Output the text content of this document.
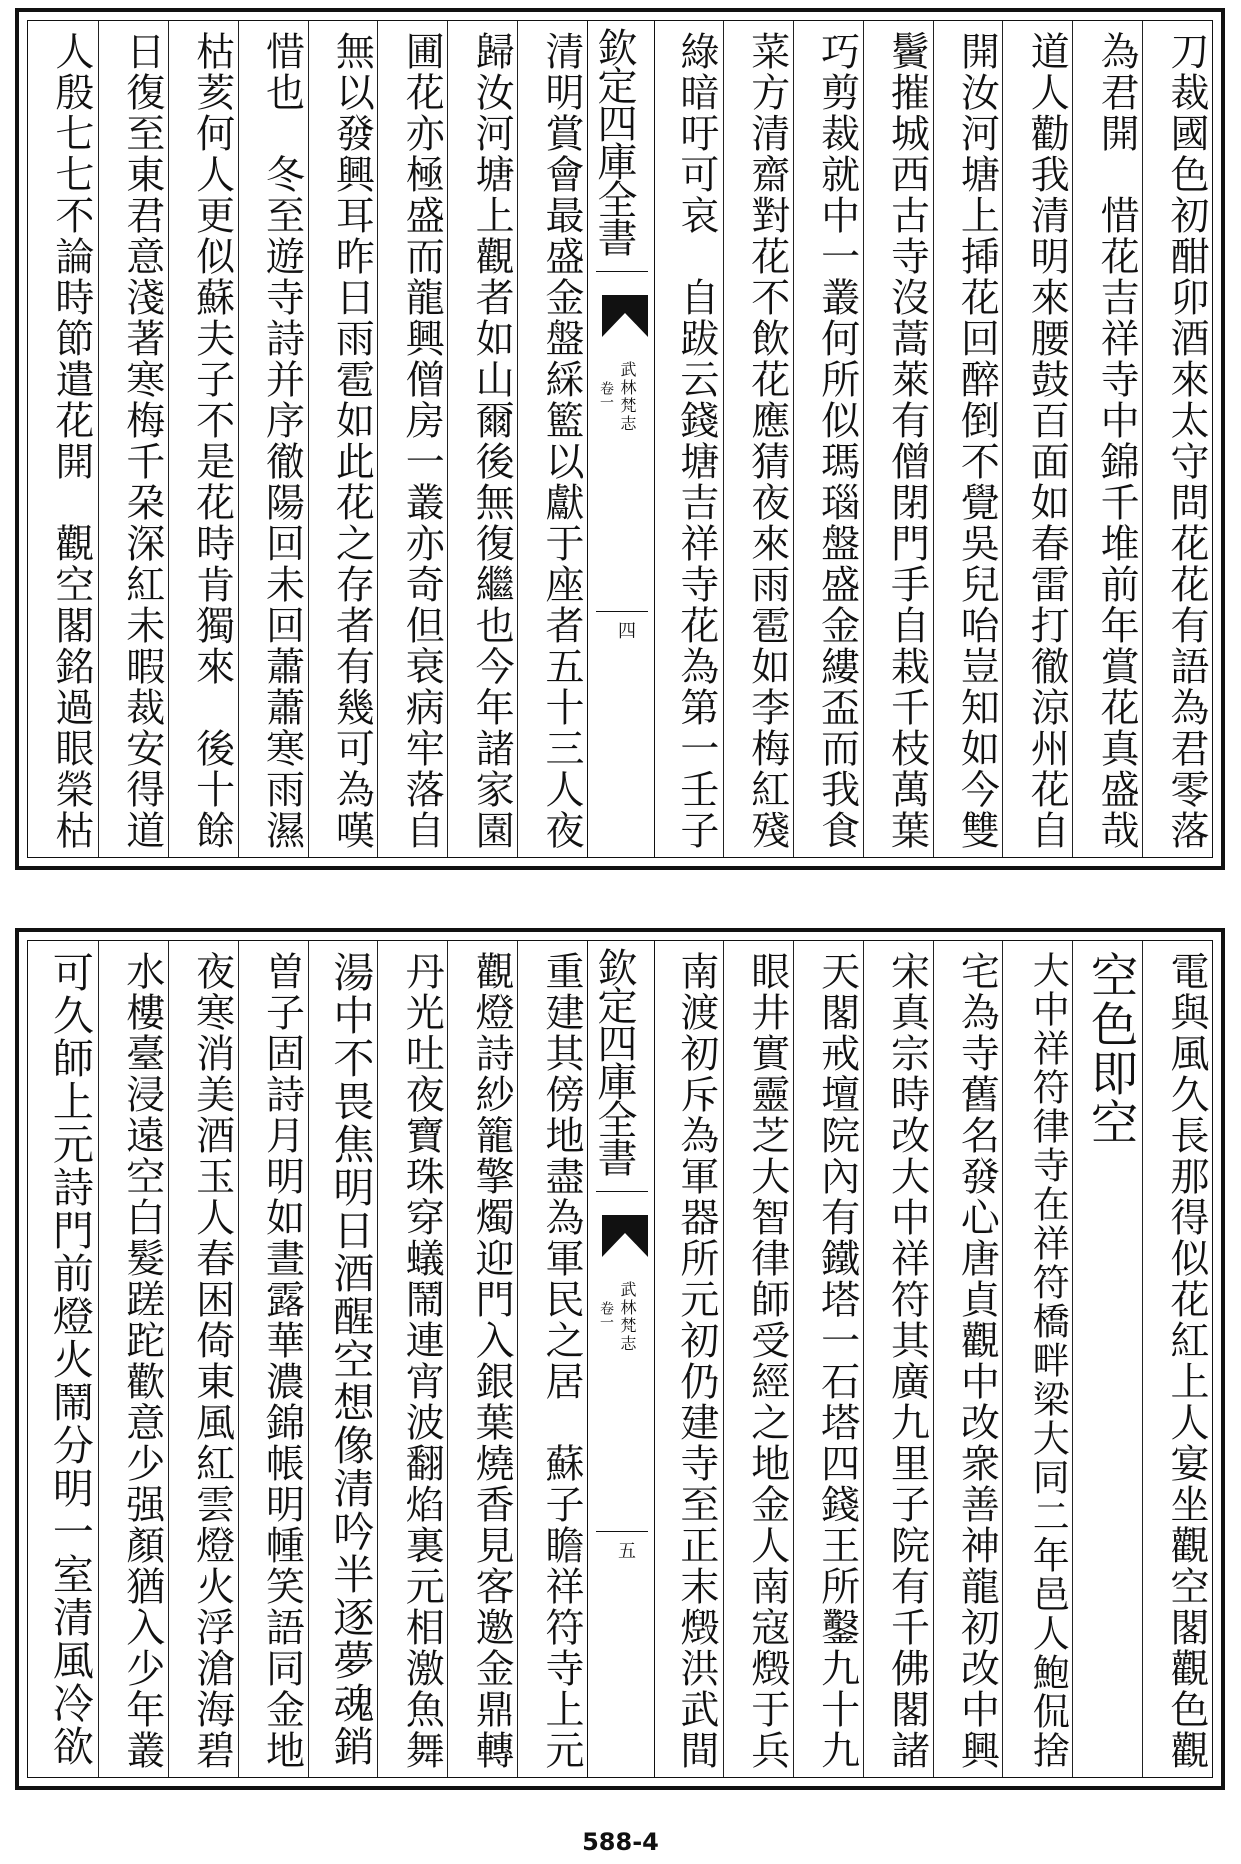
刀裁國色初酣卯酒來太守問花花有語為君零落
為君開　惜花吉祥寺中錦千堆前年賞花真盛哉
道人勸我清明來腰鼓百面如春雷打徹涼州花自
開汝河塘上揷花回醉倒不覺吳兒咍豈知如今雙
鬢摧城西古寺沒蒿萊有僧閉門手自栽千枝萬葉
巧剪裁就中一叢何所似瑪瑙盤盛金縷盃而我食
菜方清齋對花不飲花應猜夜來雨雹如李梅紅殘
綠暗吁可哀　自跋云錢塘吉祥寺花為第一壬子
清明賞會最盛金盤綵籃以獻于座者五十三人夜
歸汝河塘上觀者如山爾後無復繼也今年諸家園
圃花亦極盛而龍興僧房一叢亦奇但衰病牢落自
無以發興耳昨日雨雹如此花之存者有幾可為嘆
惜也　冬至遊寺詩并序徹陽回未回蕭蕭寒雨濕
枯荄何人更似蘇夫子不是花時肯獨來　後十餘
日復至東君意淺著寒梅千朶深紅未暇裁安得道
人殷七七不論時節遣花開　觀空閣銘過眼榮枯	欽定四庫全書
武林梵志
卷一
四
電與風久長那得似花紅上人宴坐觀空閣觀色觀
空色即空
大中祥符律寺在祥符橋畔梁大同二年邑人鮑侃捨
宅為寺舊名發心唐貞觀中改衆善神龍初改中興
宋真宗時改大中祥符其廣九里子院有千佛閣諸
天閣戒壇院內有鐵塔一石塔四錢王所鑿九十九
眼井實靈芝大智律師受經之地金人南寇燬于兵
南渡初斥為軍器所元初仍建寺至正末燬洪武間
重建其傍地盡為軍民之居　蘇子瞻祥符寺上元
觀燈詩紗籠擎燭迎門入銀葉燒香見客邀金鼎轉
丹光吐夜寶珠穿蟻鬧連宵波翻焰裏元相激魚舞
湯中不畏焦明日酒醒空想像清吟半逐夢魂銷
曽子固詩月明如晝露華濃錦帳明㡖笑語同金地
夜寒消美酒玉人春困倚東風紅雲燈火浮滄海碧
水樓臺浸遠空白髮蹉跎歡意少强顏猶入少年叢
可久師上元詩門前燈火鬧分明一室清風冷欲	欽定四庫全書
武林梵志
卷一
五
588-4
